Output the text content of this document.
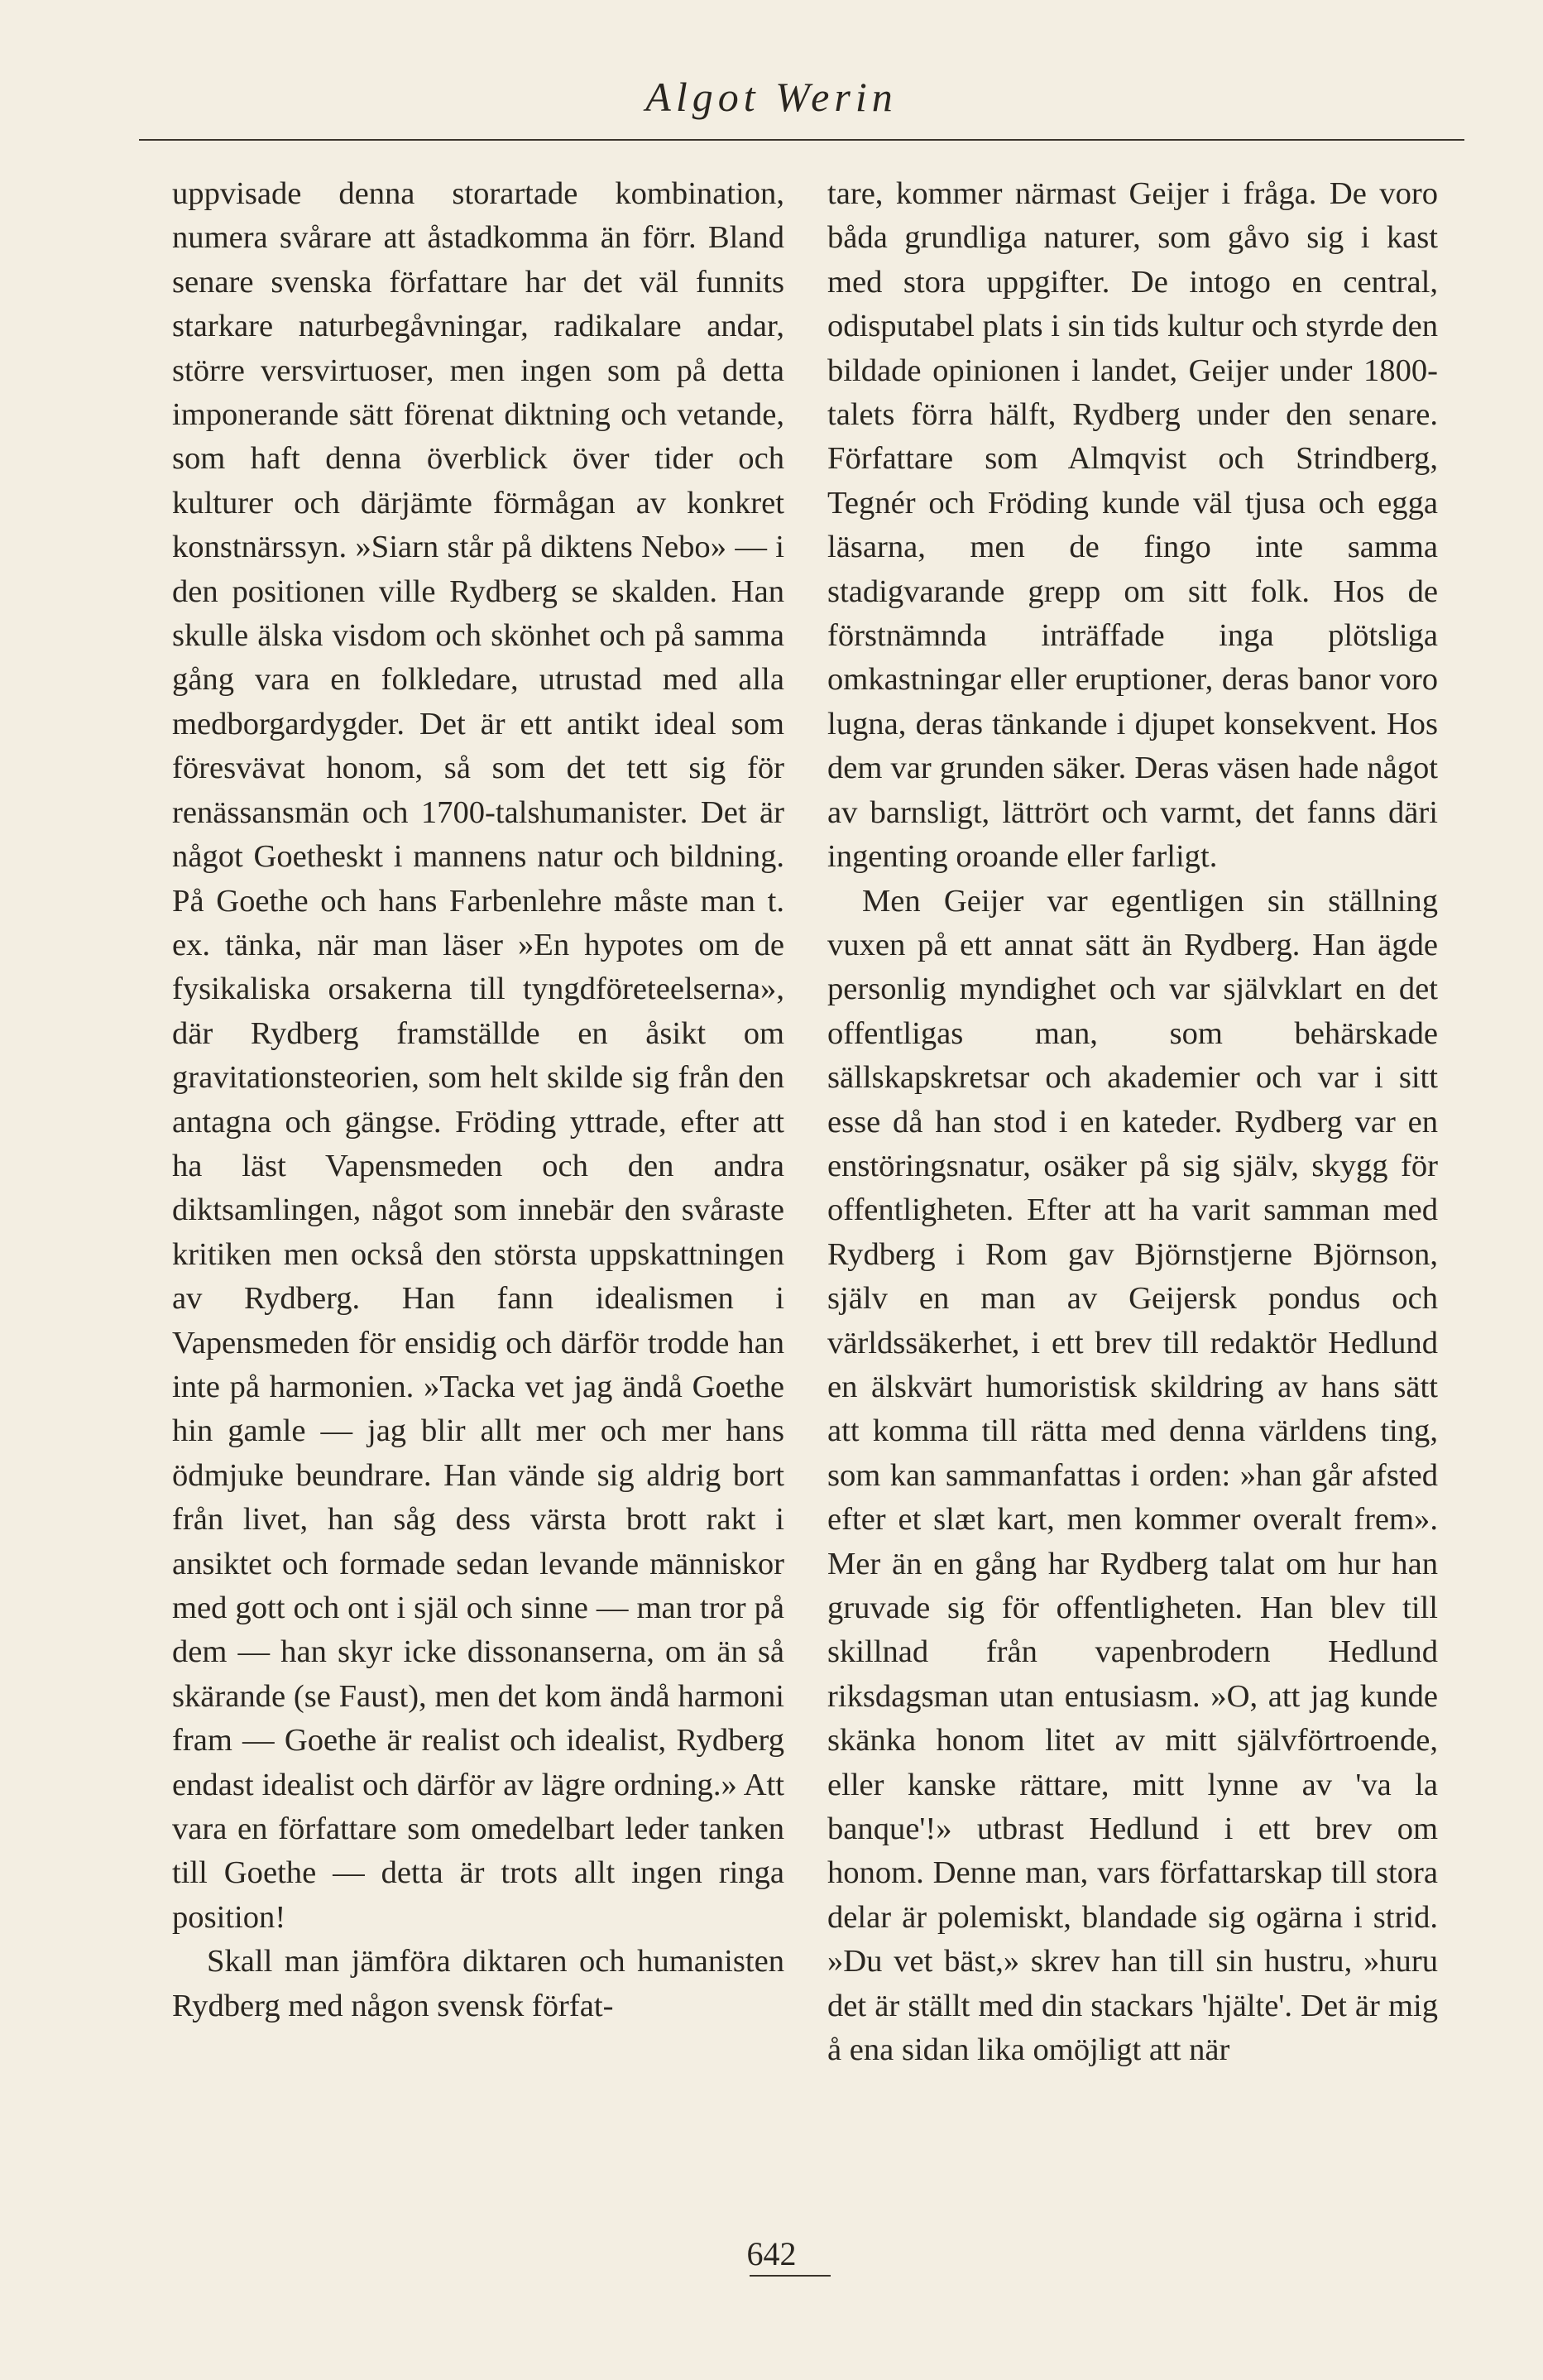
Algot Werin

uppvisade denna storartade kombination, numera svårare att åstadkomma än förr. Bland senare svenska författare har det väl funnits starkare naturbegåvningar, radikalare andar, större versvirtuoser, men ingen som på detta imponerande sätt förenat diktning och vetande, som haft denna överblick över tider och kulturer och därjämte förmågan av konkret konstnärssyn. »Siarn står på diktens Nebo» — i den positionen ville Rydberg se skalden. Han skulle älska visdom och skönhet och på samma gång vara en folkledare, utrustad med alla medborgardygder. Det är ett antikt ideal som föresvävat honom, så som det tett sig för renässansmän och 1700-talshumanister. Det är något Goetheskt i mannens natur och bildning. På Goethe och hans Farbenlehre måste man t. ex. tänka, när man läser »En hypotes om de fysikaliska orsakerna till tyngdföreteelserna», där Rydberg framställde en åsikt om gravitationsteorien, som helt skilde sig från den antagna och gängse. Fröding yttrade, efter att ha läst Vapensmeden och den andra diktsamlingen, något som innebär den svåraste kritiken men också den största uppskattningen av Rydberg. Han fann idealismen i Vapensmeden för ensidig och därför trodde han inte på harmonien. »Tacka vet jag ändå Goethe hin gamle — jag blir allt mer och mer hans ödmjuke beundrare. Han vände sig aldrig bort från livet, han såg dess värsta brott rakt i ansiktet och formade sedan levande människor med gott och ont i själ och sinne — man tror på dem — han skyr icke dissonanserna, om än så skärande (se Faust), men det kom ändå harmoni fram — Goethe är realist och idealist, Rydberg endast idealist och därför av lägre ordning.» Att vara en författare som omedelbart leder tanken till Goethe — detta är trots allt ingen ringa position!

Skall man jämföra diktaren och humanisten Rydberg med någon svensk förfat-

tare, kommer närmast Geijer i fråga. De voro båda grundliga naturer, som gåvo sig i kast med stora uppgifter. De intogo en central, odisputabel plats i sin tids kultur och styrde den bildade opinionen i landet, Geijer under 1800-talets förra hälft, Rydberg under den senare. Författare som Almqvist och Strindberg, Tegnér och Fröding kunde väl tjusa och egga läsarna, men de fingo inte samma stadigvarande grepp om sitt folk. Hos de förstnämnda inträffade inga plötsliga omkastningar eller eruptioner, deras banor voro lugna, deras tänkande i djupet konsekvent. Hos dem var grunden säker. Deras väsen hade något av barnsligt, lättrört och varmt, det fanns däri ingenting oroande eller farligt.

Men Geijer var egentligen sin ställning vuxen på ett annat sätt än Rydberg. Han ägde personlig myndighet och var självklart en det offentligas man, som behärskade sällskapskretsar och akademier och var i sitt esse då han stod i en kateder. Rydberg var en enstöringsnatur, osäker på sig själv, skygg för offentligheten. Efter att ha varit samman med Rydberg i Rom gav Björnstjerne Björnson, själv en man av Geijersk pondus och världssäkerhet, i ett brev till redaktör Hedlund en älskvärt humoristisk skildring av hans sätt att komma till rätta med denna världens ting, som kan sammanfattas i orden: »han går afsted efter et slæt kart, men kommer overalt frem». Mer än en gång har Rydberg talat om hur han gruvade sig för offentligheten. Han blev till skillnad från vapenbrodern Hedlund riksdagsman utan entusiasm. »O, att jag kunde skänka honom litet av mitt självförtroende, eller kanske rättare, mitt lynne av 'va la banque'!» utbrast Hedlund i ett brev om honom. Denne man, vars författarskap till stora delar är polemiskt, blandade sig ogärna i strid. »Du vet bäst,» skrev han till sin hustru, »huru det är ställt med din stackars 'hjälte'. Det är mig å ena sidan lika omöjligt att när

642
